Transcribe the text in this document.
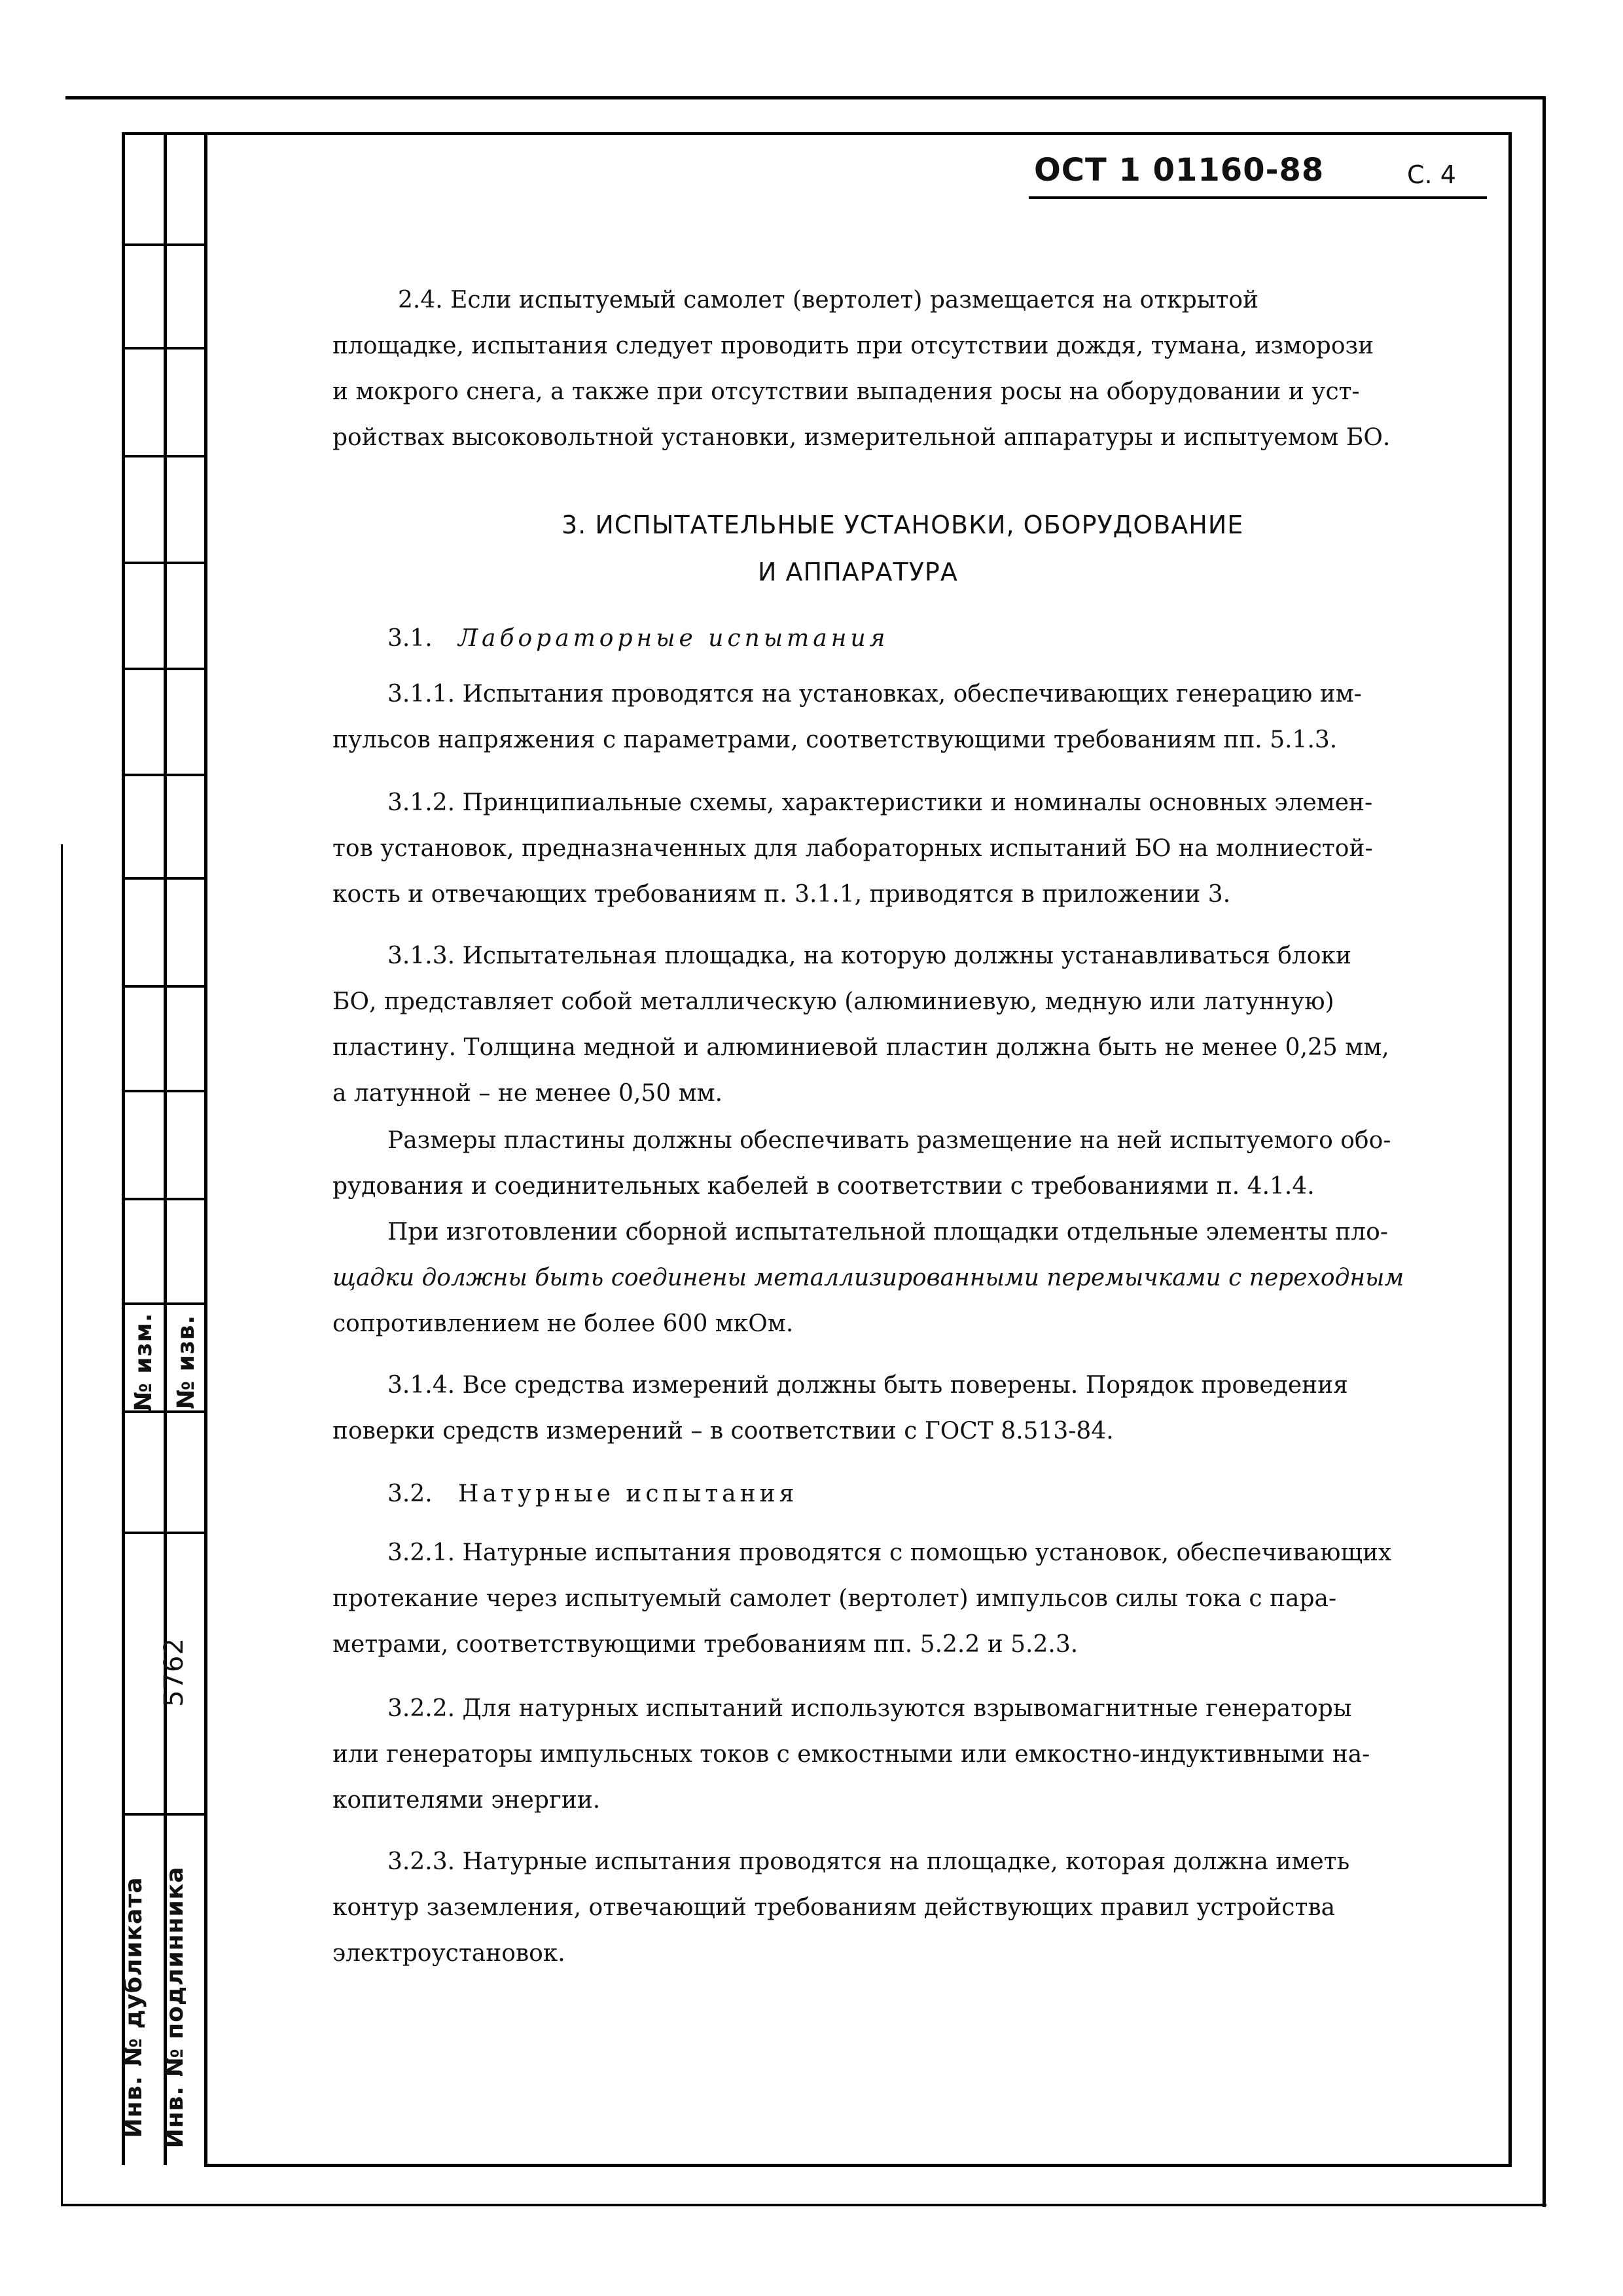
№ изм. № изв.
Инв. № дубликата Инв. № подлинника
5762
ОСТ 1 01160-88	С. 4
2.4. Если испытуемый самолет (вертолет) размещается на открытой
площадке, испытания следует проводить при отсутствии дождя, тумана, изморози
и мокрого снега, а также при отсутствии выпадения росы на оборудовании и уст-
ройствах высоковольтной установки, измерительной аппаратуры и испытуемом БО.
3. ИСПЫТАТЕЛЬНЫЕ УСТАНОВКИ, ОБОРУДОВАНИЕ
И АППАРАТУРА
3.1. Лабораторные испытания
3.1.1. Испытания проводятся на установках, обеспечивающих генерацию им-
пульсов напряжения с параметрами, соответствующими требованиям пп. 5.1.3.
3.1.2. Принципиальные схемы, характеристики и номиналы основных элемен-
тов установок, предназначенных для лабораторных испытаний БО на молниестой-
кость и отвечающих требованиям п. 3.1.1, приводятся в приложении 3.
3.1.3. Испытательная площадка, на которую должны устанавливаться блоки
БО, представляет собой металлическую (алюминиевую, медную или латунную)
пластину. Толщина медной и алюминиевой пластин должна быть не менее 0,25 мм,
а латунной – не менее 0,50 мм.
Размеры пластины должны обеспечивать размещение на ней испытуемого обо-
рудования и соединительных кабелей в соответствии с требованиями п. 4.1.4.
При изготовлении сборной испытательной площадки отдельные элементы пло-
щадки должны быть соединены металлизированными перемычками с переходным
сопротивлением не более 600 мкОм.
3.1.4. Все средства измерений должны быть поверены. Порядок проведения
поверки средств измерений – в соответствии с ГОСТ 8.513-84.
3.2. Натурные испытания
3.2.1. Натурные испытания проводятся с помощью установок, обеспечивающих
протекание через испытуемый самолет (вертолет) импульсов силы тока с пара-
метрами, соответствующими требованиям пп. 5.2.2 и 5.2.3.
3.2.2. Для натурных испытаний используются взрывомагнитные генераторы
или генераторы импульсных токов с емкостными или емкостно-индуктивными на-
копителями энергии.
3.2.3. Натурные испытания проводятся на площадке, которая должна иметь
контур заземления, отвечающий требованиям действующих правил устройства
электроустановок.
